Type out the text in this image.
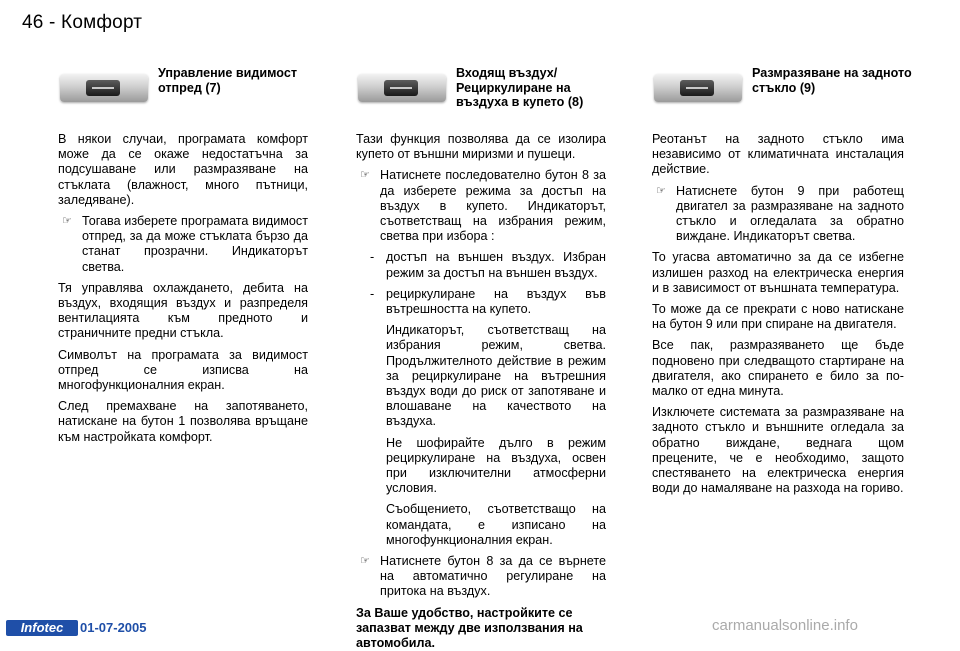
46 - Комфорт
Управление видимост отпред (7)
В някои случаи, програмата комфорт може да се окаже недостатъчна за подсушаване или размразяване на стъклата (влажност, много пътници, заледяване).
☞ Тогава изберете програмата видимост отпред, за да може стъклата бързо да станат прозрачни. Индикаторът светва.
Тя управлява охлаждането, дебита на въздух, входящия въздух и разпределя вентилацията към предното и страничните предни стъкла.
Символът на програмата за видимост отпред се изписва на многофункционалния екран.
След премахване на запотяването, натискане на бутон 1 позволява връщане към настройката комфорт.
Входящ въздух/ Рециркулиране на въздуха в купето (8)
Тази функция позволява да се изолира купето от външни миризми и пушеци.
☞ Натиснете последователно бутон 8 за да изберете режима за достъп на въздух в купето. Индикаторът, съответстващ на избрания режим, светва при избора :
- достъп на външен въздух. Избран режим за достъп на външен въздух.
- рециркулиране на въздух във вътрешността на купето.
Индикаторът, съответстващ на избрания режим, светва. Продължителното действие в режим за рециркулиране на вътрешния въздух води до риск от запотяване и влошаване на качеството на въздуха.
Не шофирайте дълго в режим рециркулиране на въздуха, освен при изключителни атмосферни условия.
Съобщението, съответстващо на командата, е изписано на многофункционалния екран.
☞ Натиснете бутон 8 за да се върнете на автоматично регулиране на притока на въздух.
За Ваше удобство, настройките се запазват между две използвания на автомобила.
Размразяване на задното стъкло (9)
Реотанът на задното стъкло има независимо от климатичната инсталация действие.
☞ Натиснете бутон 9 при работещ двигател за размразяване на задното стъкло и огледалата за обратно виждане. Индикаторът светва.
То угасва автоматично за да се избегне излишен разход на електрическа енергия и в зависимост от външната температура.
То може да се прекрати с ново натискане на бутон 9 или при спиране на двигателя.
Все пак, размразяването ще бъде подновено при следващото стартиране на двигателя, ако спирането е било за по-малко от една минута.
Изключете системата за размразяване на задното стъкло и външните огледала за обратно виждане, веднага щом прецените, че е необходимо, защото спестяването на електрическа енергия води до намаляване на разхода на гориво.
Infotec	01-07-2005	carmanualsonline.info
